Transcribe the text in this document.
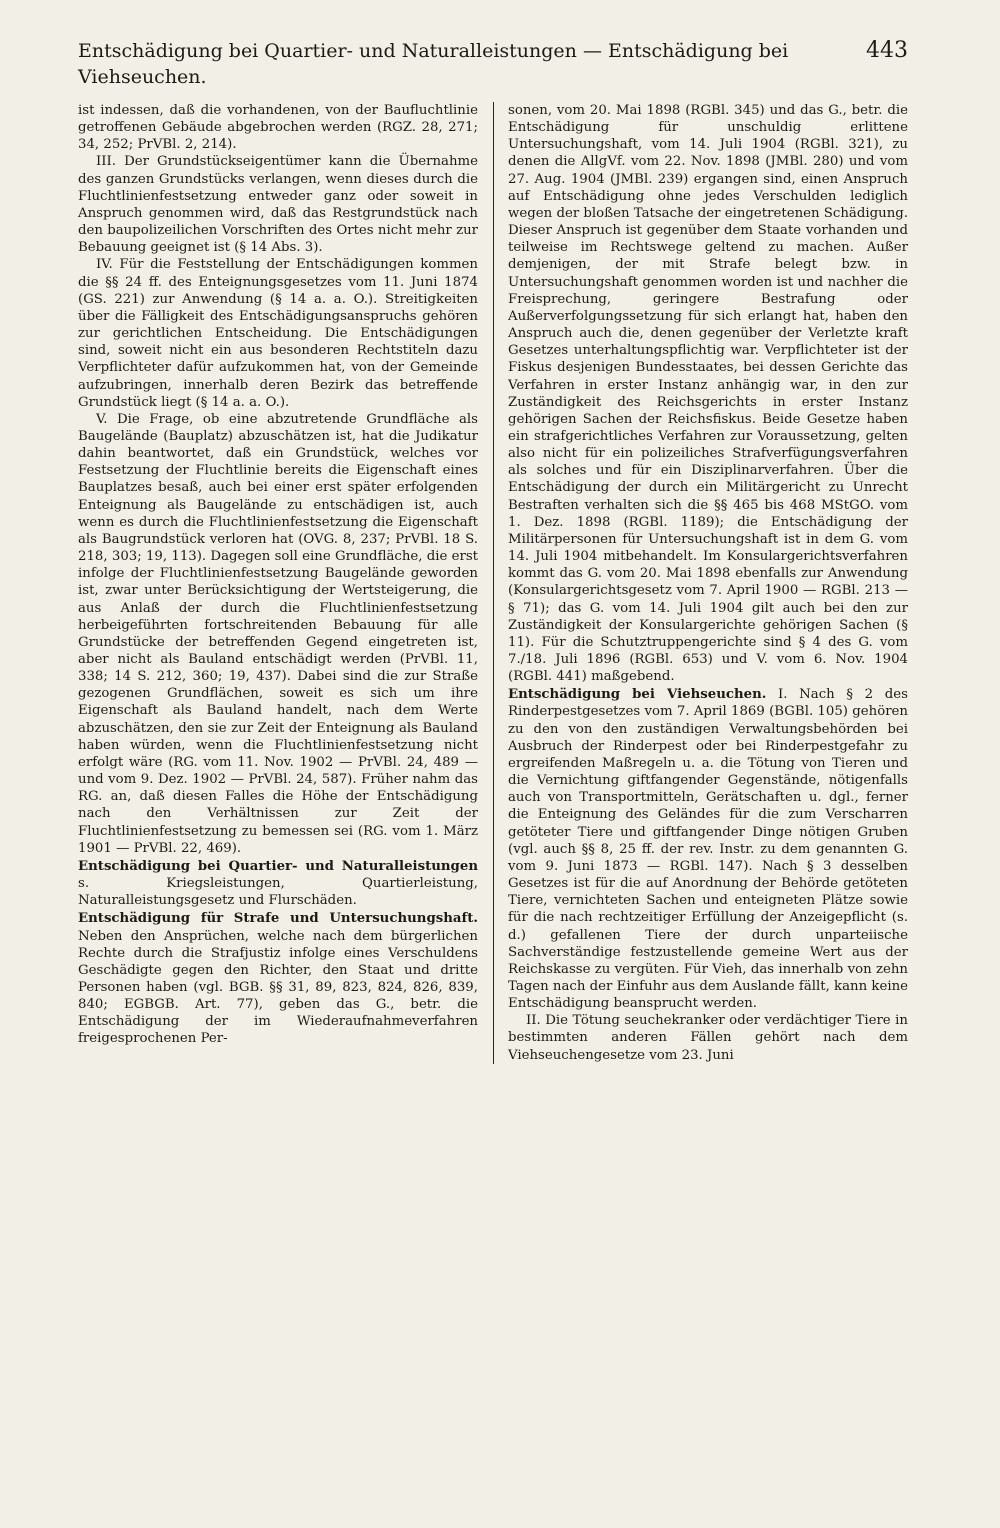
Entschädigung bei Quartier- und Naturalleistungen — Entschädigung bei Viehseuchen.
443

ist indessen, daß die vorhandenen, von der Baufluchtlinie getroffenen Gebäude abgebrochen werden (RGZ. 28, 271; 34, 252; PrVBl. 2, 214).

III. Der Grundstückseigentümer kann die Übernahme des ganzen Grundstücks verlangen, wenn dieses durch die Fluchtlinienfestsetzung entweder ganz oder soweit in Anspruch genommen wird, daß das Restgrundstück nach den baupolizeilichen Vorschriften des Ortes nicht mehr zur Bebauung geeignet ist (§ 14 Abs. 3).

IV. Für die Feststellung der Entschädigungen kommen die §§ 24 ff. des Enteignungsgesetzes vom 11. Juni 1874 (GS. 221) zur Anwendung (§ 14 a. a. O.). Streitigkeiten über die Fälligkeit des Entschädigungsanspruchs gehören zur gerichtlichen Entscheidung. Die Entschädigungen sind, soweit nicht ein aus besonderen Rechtstiteln dazu Verpflichteter dafür aufzukommen hat, von der Gemeinde aufzubringen, innerhalb deren Bezirk das betreffende Grundstück liegt (§ 14 a. a. O.).

V. Die Frage, ob eine abzutretende Grundfläche als Baugelände (Bauplatz) abzuschätzen ist, hat die Judikatur dahin beantwortet, daß ein Grundstück, welches vor Festsetzung der Fluchtlinie bereits die Eigenschaft eines Bauplatzes besaß, auch bei einer erst später erfolgenden Enteignung als Baugelände zu entschädigen ist, auch wenn es durch die Fluchtlinienfestsetzung die Eigenschaft als Baugrundstück verloren hat (OVG. 8, 237; PrVBl. 18 S. 218, 303; 19, 113). Dagegen soll eine Grundfläche, die erst infolge der Fluchtlinienfestsetzung Baugelände geworden ist, zwar unter Berücksichtigung der Wertsteigerung, die aus Anlaß der durch die Fluchtlinienfestsetzung herbeigeführten fortschreitenden Bebauung für alle Grundstücke der betreffenden Gegend eingetreten ist, aber nicht als Bauland entschädigt werden (PrVBl. 11, 338; 14 S. 212, 360; 19, 437). Dabei sind die zur Straße gezogenen Grundflächen, soweit es sich um ihre Eigenschaft als Bauland handelt, nach dem Werte abzuschätzen, den sie zur Zeit der Enteignung als Bauland haben würden, wenn die Fluchtlinienfestsetzung nicht erfolgt wäre (RG. vom 11. Nov. 1902 — PrVBl. 24, 489 — und vom 9. Dez. 1902 — PrVBl. 24, 587). Früher nahm das RG. an, daß diesen Falles die Höhe der Entschädigung nach den Verhältnissen zur Zeit der Fluchtlinienfestsetzung zu bemessen sei (RG. vom 1. März 1901 — PrVBl. 22, 469).

Entschädigung bei Quartier- und Naturalleistungen s. Kriegsleistungen, Quartierleistung, Naturalleistungsgesetz und Flurschäden.

Entschädigung für Strafe und Untersuchungshaft. Neben den Ansprüchen, welche nach dem bürgerlichen Rechte durch die Strafjustiz infolge eines Verschuldens Geschädigte gegen den Richter, den Staat und dritte Personen haben (vgl. BGB. §§ 31, 89, 823, 824, 826, 839, 840; EGBGB. Art. 77), geben das G., betr. die Entschädigung der im Wiederaufnahmeverfahren freigesprochenen Per-

sonen, vom 20. Mai 1898 (RGBl. 345) und das G., betr. die Entschädigung für unschuldig erlittene Untersuchungshaft, vom 14. Juli 1904 (RGBl. 321), zu denen die AllgVf. vom 22. Nov. 1898 (JMBl. 280) und vom 27. Aug. 1904 (JMBl. 239) ergangen sind, einen Anspruch auf Entschädigung ohne jedes Verschulden lediglich wegen der bloßen Tatsache der eingetretenen Schädigung. Dieser Anspruch ist gegenüber dem Staate vorhanden und teilweise im Rechtswege geltend zu machen. Außer demjenigen, der mit Strafe belegt bzw. in Untersuchungshaft genommen worden ist und nachher die Freisprechung, geringere Bestrafung oder Außerverfolgungssetzung für sich erlangt hat, haben den Anspruch auch die, denen gegenüber der Verletzte kraft Gesetzes unterhaltungspflichtig war. Verpflichteter ist der Fiskus desjenigen Bundesstaates, bei dessen Gerichte das Verfahren in erster Instanz anhängig war, in den zur Zuständigkeit des Reichsgerichts in erster Instanz gehörigen Sachen der Reichsfiskus. Beide Gesetze haben ein strafgerichtliches Verfahren zur Voraussetzung, gelten also nicht für ein polizeiliches Strafverfügungsverfahren als solches und für ein Disziplinarverfahren. Über die Entschädigung der durch ein Militärgericht zu Unrecht Bestraften verhalten sich die §§ 465 bis 468 MStGO. vom 1. Dez. 1898 (RGBl. 1189); die Entschädigung der Militärpersonen für Untersuchungshaft ist in dem G. vom 14. Juli 1904 mitbehandelt. Im Konsulargerichtsverfahren kommt das G. vom 20. Mai 1898 ebenfalls zur Anwendung (Konsulargerichtsgesetz vom 7. April 1900 — RGBl. 213 — § 71); das G. vom 14. Juli 1904 gilt auch bei den zur Zuständigkeit der Konsulargerichte gehörigen Sachen (§ 11). Für die Schutztruppengerichte sind § 4 des G. vom 7./18. Juli 1896 (RGBl. 653) und V. vom 6. Nov. 1904 (RGBl. 441) maßgebend.

Entschädigung bei Viehseuchen. I. Nach § 2 des Rinderpestgesetzes vom 7. April 1869 (BGBl. 105) gehören zu den von den zuständigen Verwaltungsbehörden bei Ausbruch der Rinderpest oder bei Rinderpestgefahr zu ergreifenden Maßregeln u. a. die Tötung von Tieren und die Vernichtung giftfangender Gegenstände, nötigenfalls auch von Transportmitteln, Gerätschaften u. dgl., ferner die Enteignung des Geländes für die zum Verscharren getöteter Tiere und giftfangender Dinge nötigen Gruben (vgl. auch §§ 8, 25 ff. der rev. Instr. zu dem genannten G. vom 9. Juni 1873 — RGBl. 147). Nach § 3 desselben Gesetzes ist für die auf Anordnung der Behörde getöteten Tiere, vernichteten Sachen und enteigneten Plätze sowie für die nach rechtzeitiger Erfüllung der Anzeigepflicht (s. d.) gefallenen Tiere der durch unparteiische Sachverständige festzustellende gemeine Wert aus der Reichskasse zu vergüten. Für Vieh, das innerhalb von zehn Tagen nach der Einfuhr aus dem Auslande fällt, kann keine Entschädigung beansprucht werden.

II. Die Tötung seuchekranker oder verdächtiger Tiere in bestimmten anderen Fällen gehört nach dem Viehseuchengesetze vom 23. Juni
